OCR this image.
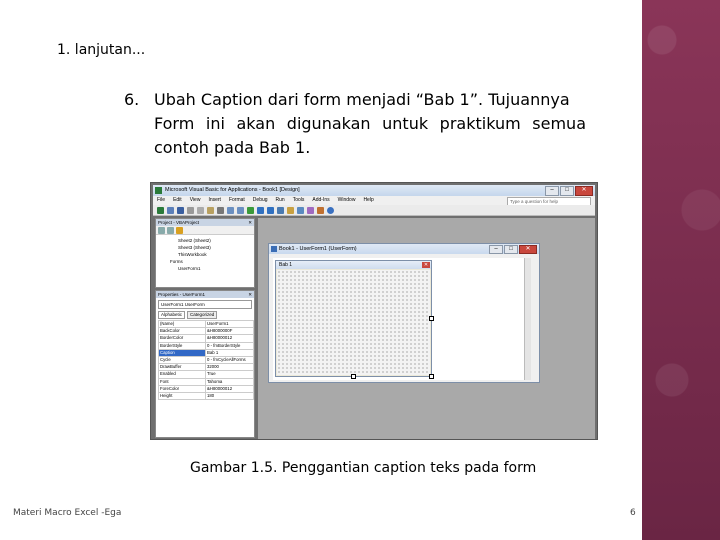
1. lanjutan...
6. Ubah Caption dari form menjadi “Bab 1”. Tujuannya
Form ini akan digunakan untuk praktikum semua contoh pada Bab 1.
Microsoft Visual Basic for Applications - Book1 [Design]	–	□	✕
File	Edit	View	Insert	Format	Debug	Run	Tools	Add-Ins	Window	Help	Type a question for help
Project - VBAProject	✕
Sheet2 (Sheet2)
Sheet3 (Sheet3)
ThisWorkbook
Forms
UserForm1
Properties - UserForm1	✕
UserForm1 UserForm
Alphabetic	Categorized
(Name)	UserForm1
BackColor	&H8000000F
BorderColor	&H80000012
BorderStyle	0 - fmBorderStyle
Caption	Bab 1
Cycle	0 - fmCycleAllForms
DrawBuffer	32000
Enabled	True
Font	Tahoma
ForeColor	&H80000012
Height	180
Book1 - UserForm1 (UserForm)	–	□	✕
Bab 1	✕
Gambar 1.5. Penggantian caption teks pada form
Materi Macro Excel -Ega	6
